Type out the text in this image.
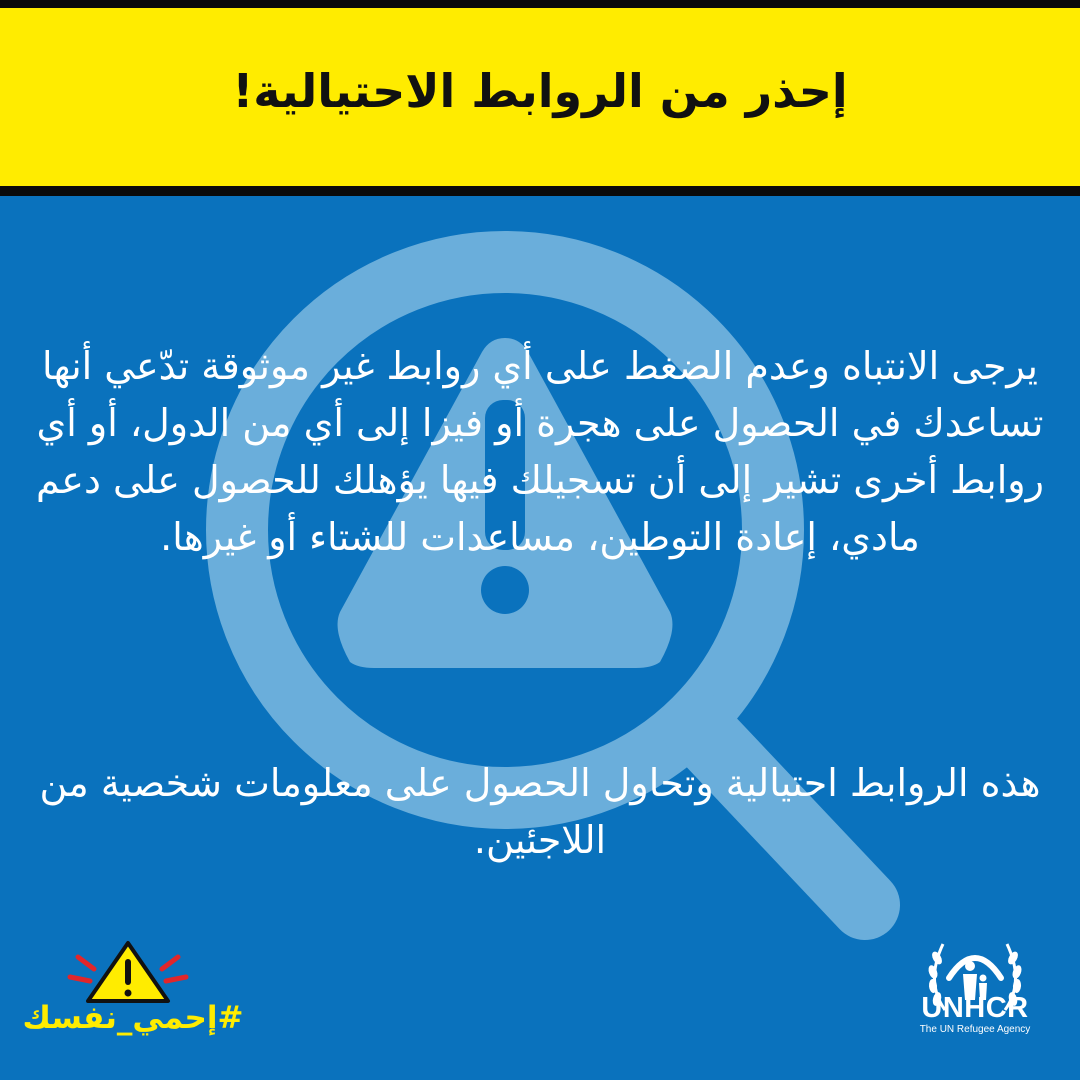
إحذر من الروابط الاحتيالية!
يرجى الانتباه وعدم الضغط على أي روابط غير موثوقة تدّعي أنها تساعدك في الحصول على هجرة أو فيزا إلى أي من الدول، أو أي روابط أخرى تشير إلى أن تسجيلك فيها يؤهلك للحصول على دعم مادي، إعادة التوطين، مساعدات للشتاء أو غيرها.
هذه الروابط احتيالية وتحاول الحصول على معلومات شخصية من اللاجئين.
#إحمي_نفسك	UNHCR
The UN Refugee Agency
